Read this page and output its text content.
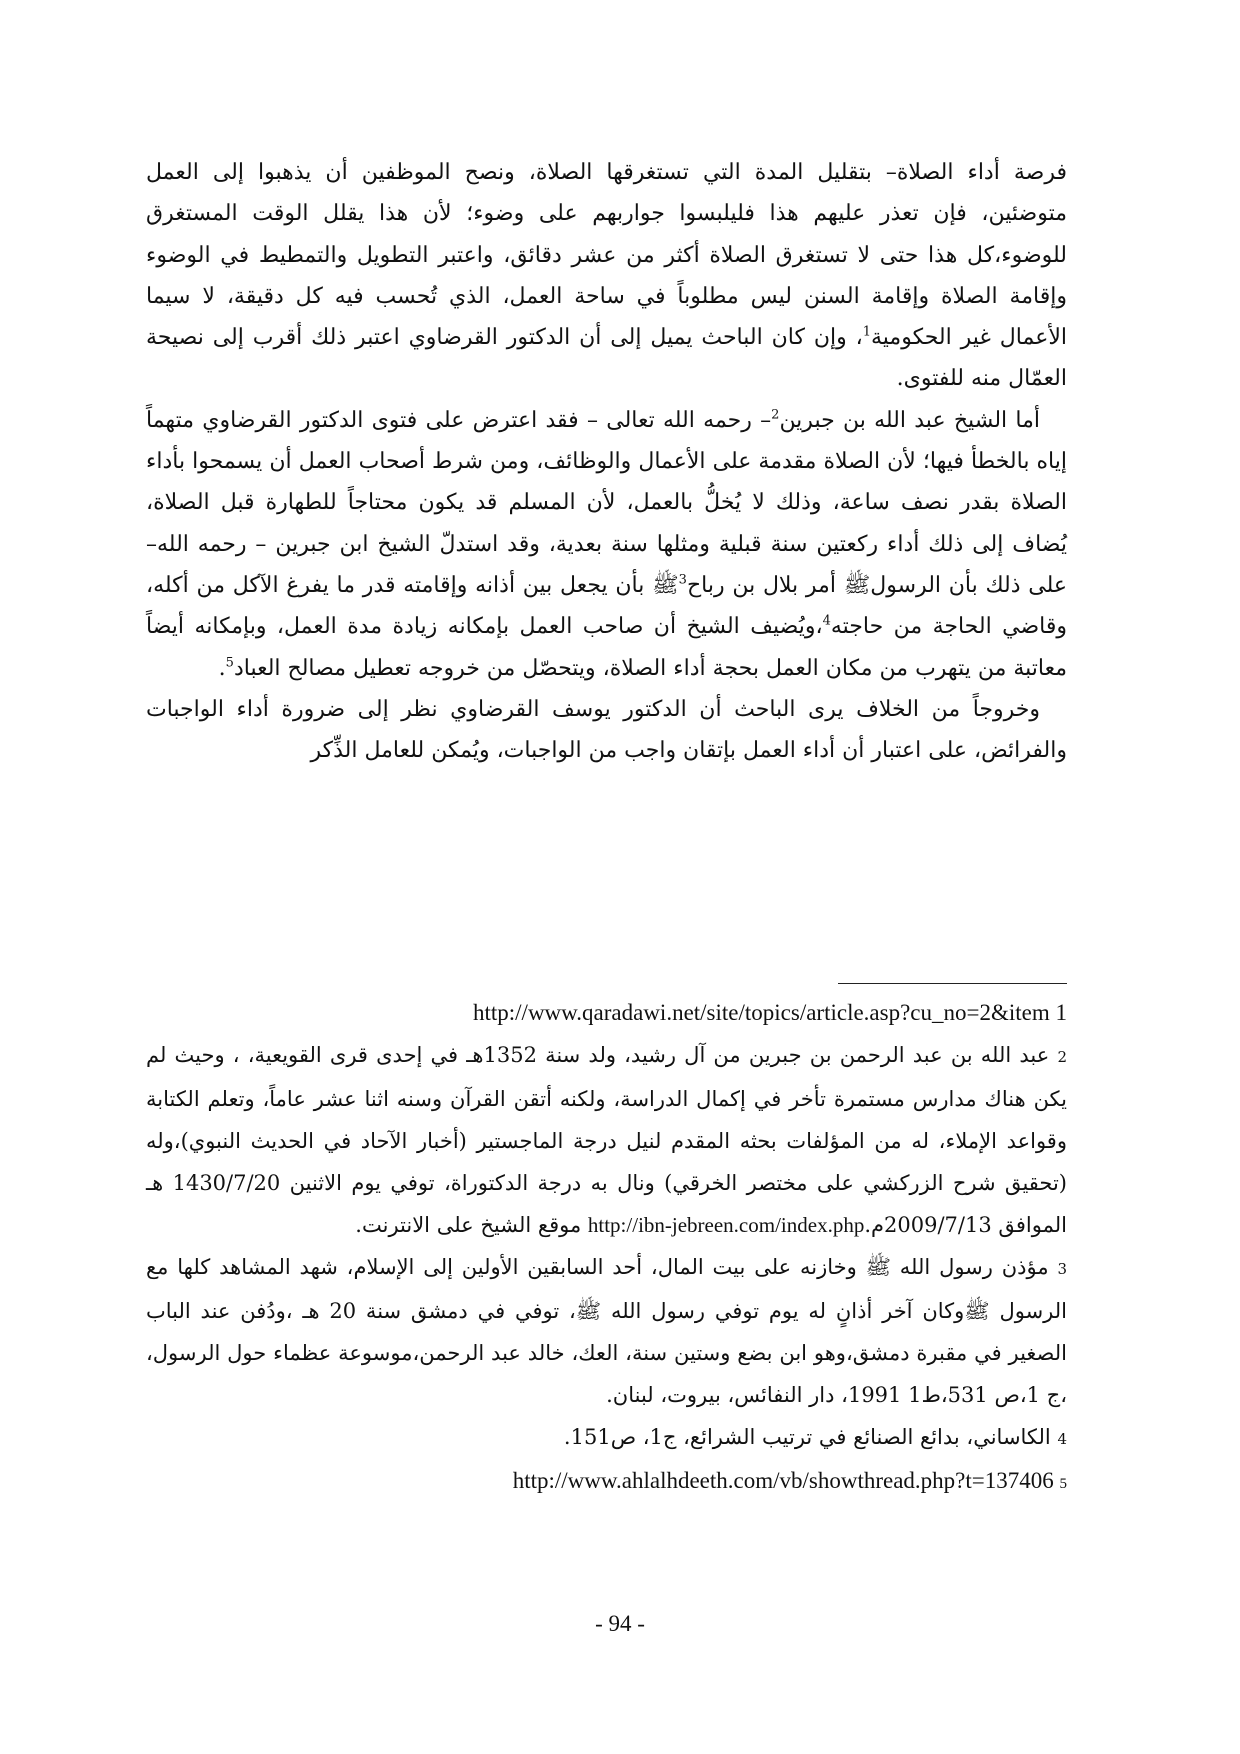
فرصة أداء الصلاة– بتقليل المدة التي تستغرقها الصلاة، ونصح الموظفين أن يذهبوا إلى العمل متوضئين، فإن تعذر عليهم هذا فليلبسوا جواربهم على وضوء؛ لأن هذا يقلل الوقت المستغرق للوضوء،كل هذا حتى لا تستغرق الصلاة أكثر من عشر دقائق، واعتبر التطويل والتمطيط في الوضوء وإقامة الصلاة وإقامة السنن ليس مطلوباً في ساحة العمل، الذي تُحسب فيه كل دقيقة، لا سيما الأعمال غير الحكومية$^1$، وإن كان الباحث يميل إلى أن الدكتور القرضاوي اعتبر ذلك أقرب إلى نصيحة العمّال منه للفتوى.

أما الشيخ عبد الله بن جبرين$^2$– رحمه الله تعالى – فقد اعترض على فتوى الدكتور القرضاوي متهماً إياه بالخطأ فيها؛ لأن الصلاة مقدمة على الأعمال والوظائف، ومن شرط أصحاب العمل أن يسمحوا بأداء الصلاة بقدر نصف ساعة، وذلك لا يُخلُّ بالعمل، لأن المسلم قد يكون محتاجاً للطهارة قبل الصلاة، يُضاف إلى ذلك أداء ركعتين سنة قبلية ومثلها سنة بعدية، وقد استدلّ الشيخ ابن جبرين – رحمه الله– على ذلك بأن الرسولﷺ أمر بلال بن رباح$^3$ﷺ بأن يجعل بين أذانه وإقامته قدر ما يفرغ الآكل من أكله، وقاضي الحاجة من حاجته$^4$،ويُضيف الشيخ أن صاحب العمل بإمكانه زيادة مدة العمل، وبإمكانه أيضاً معاتبة من يتهرب من مكان العمل بحجة أداء الصلاة، ويتحصّل من خروجه تعطيل مصالح العباد$^5$.

وخروجاً من الخلاف يرى الباحث أن الدكتور يوسف القرضاوي نظر إلى ضرورة أداء الواجبات والفرائض، على اعتبار أن أداء العمل بإتقان واجب من الواجبات، ويُمكن للعامل الذِّكر

http://www.qaradawi.net/site/topics/article.asp?cu_no=2&item 1

2 عبد الله بن عبد الرحمن بن جبرين من آل رشيد، ولد سنة 1352هـ في إحدى قرى القويعية، ، وحيث لم يكن هناك مدارس مستمرة تأخر في إكمال الدراسة، ولكنه أتقن القرآن وسنه اثنا عشر عاماً، وتعلم الكتابة وقواعد الإملاء، له من المؤلفات بحثه المقدم لنيل درجة الماجستير (أخبار الآحاد في الحديث النبوي)،وله (تحقيق شرح الزركشي على مختصر الخرقي) ونال به درجة الدكتوراة، توفي يوم الاثنين 1430/7/20 هـ الموافق 2009/7/13م.http://ibn-jebreen.com/index.php موقع الشيخ على الانترنت.

3 مؤذن رسول الله ﷺ وخازنه على بيت المال، أحد السابقين الأولين إلى الإسلام، شهد المشاهد كلها مع الرسول ﷺوكان آخر أذانٍ له يوم توفي رسول الله ﷺ، توفي في دمشق سنة 20 هـ ،ودُفن عند الباب الصغير في مقبرة دمشق،وهو ابن بضع وستين سنة، العك، خالد عبد الرحمن،موسوعة عظماء حول الرسول، ،ج 1،ص 531،ط1 1991، دار النفائس، بيروت، لبنان.

4 الكاساني، بدائع الصنائع في ترتيب الشرائع، ج1، ص151.

http://www.ahlalhdeeth.com/vb/showthread.php?t=137406 5

- 94 -
